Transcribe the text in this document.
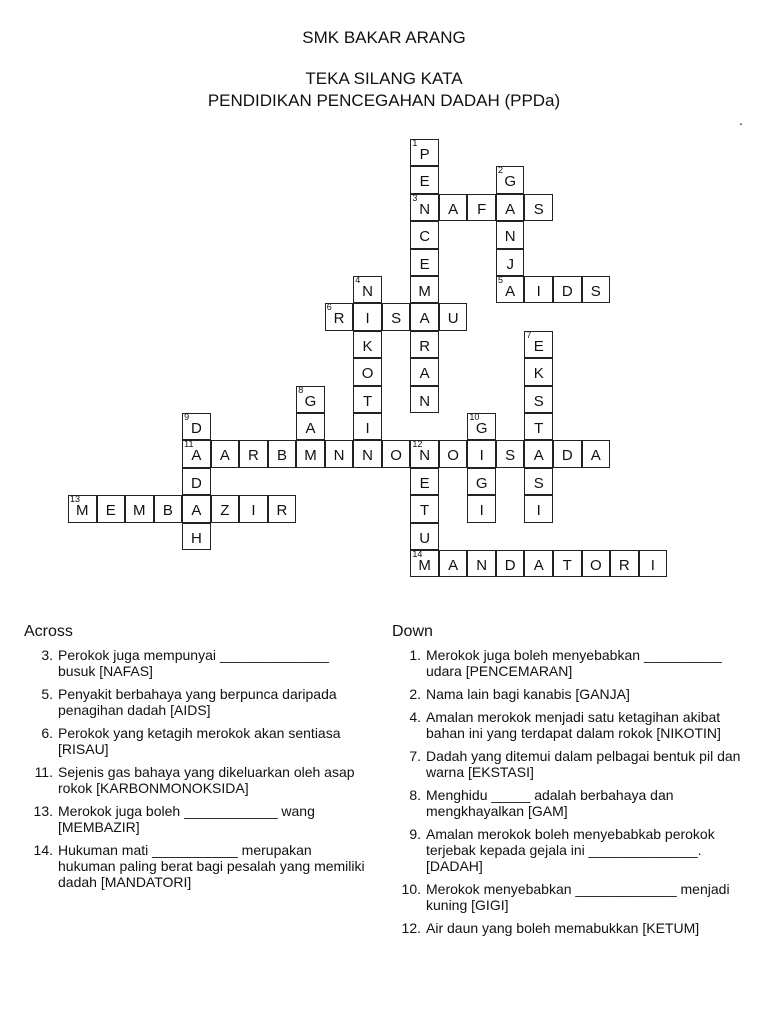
SMK BAKAR ARANG
TEKA SILANG KATA
PENDIDIKAN PENCEGAHAN DADAH (PPDa)
.
1
P
E
3
N
C
E
M
A
R
A
N
2
G
A
N
J
5
A
A	F	S
4
N
I
K
O
T
I
N
I	D	S
6
R	S	U
7
E
K
S
T
A
S
I
8
G
A
M
9
D
11
A
D
A
H
10
G
I
G
I
A	R	B	N	O
12
N	O	S	D	A
E
T
U
14
M
13
M	E	M	B	Z	I	R
A	N	D	A	T	O	R	I
Across
3. Perokok juga mempunyai ______________ busuk [NAFAS]
5. Penyakit berbahaya yang berpunca daripada penagihan dadah [AIDS]
6. Perokok yang ketagih merokok akan sentiasa [RISAU]
11. Sejenis gas bahaya yang dikeluarkan oleh asap rokok [KARBONMONOKSIDA]
13. Merokok juga boleh ____________ wang [MEMBAZIR]
14. Hukuman mati ___________ merupakan hukuman paling berat bagi pesalah yang memiliki dadah [MANDATORI]
Down
1. Merokok juga boleh menyebabkan __________ udara [PENCEMARAN]
2. Nama lain bagi kanabis [GANJA]
4. Amalan merokok menjadi satu ketagihan akibat bahan ini yang terdapat dalam rokok [NIKOTIN]
7. Dadah yang ditemui dalam pelbagai bentuk pil dan warna [EKSTASI]
8. Menghidu _____ adalah berbahaya dan mengkhayalkan [GAM]
9. Amalan merokok boleh menyebabkab perokok terjebak kepada gejala ini ______________. [DADAH]
10. Merokok menyebabkan _____________ menjadi kuning [GIGI]
12. Air daun yang boleh memabukkan [KETUM]
